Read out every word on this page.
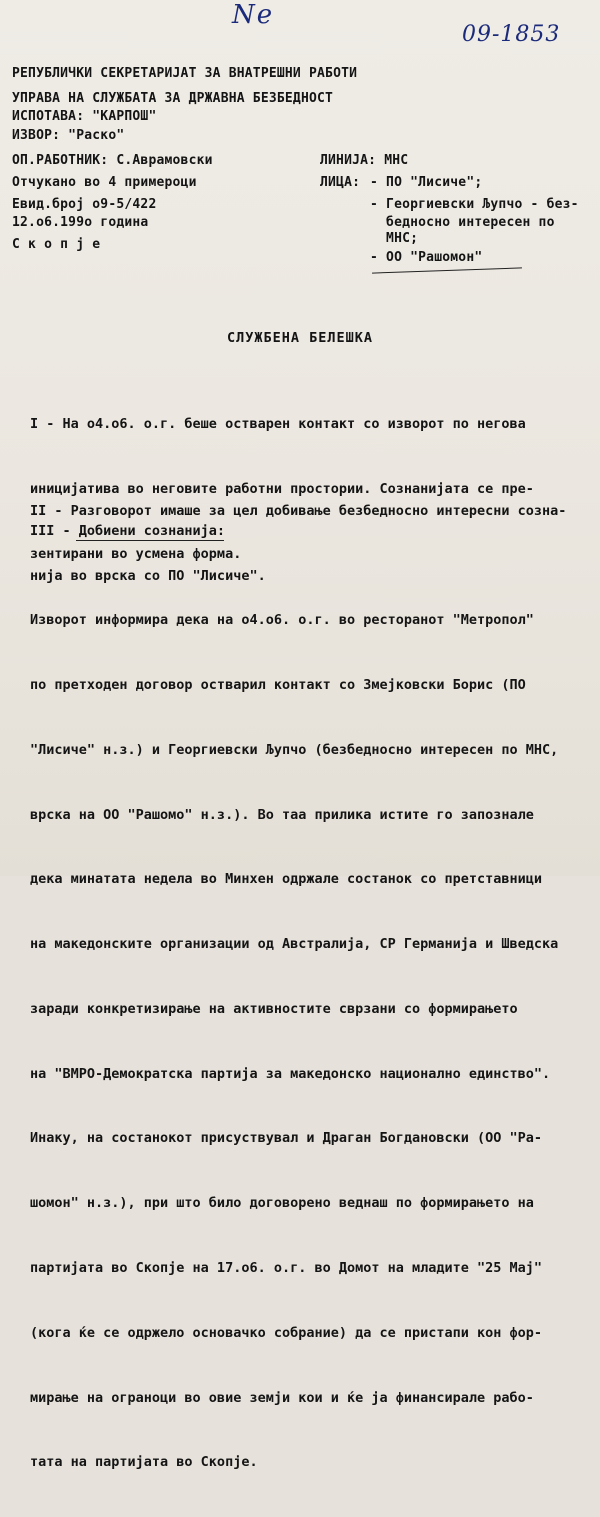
Ne
09-1853
РЕПУБЛИЧКИ СЕКРЕТАРИЈАТ ЗА ВНАТРЕШНИ РАБОТИ
УПРАВА НА СЛУЖБАТА ЗА ДРЖАВНА БЕЗБЕДНОСТ
ИСПОТАВА: "КАРПОШ"
ИЗВОР: "Раско"
ОП.РАБОТНИК: С.Аврамовски
Отчукано во 4 примероци
Евид.број о9-5/422
12.о6.199о година
С к о п ј е
ЛИНИЈА: МНС
ЛИЦА: - ПО "Лисиче";
- Георгиевски Љупчо - без-
бедносно интересен по
МНС;
- ОО "Рашомон"
СЛУЖБЕНА БЕЛЕШКА

I - На о4.о6. о.г. беше остварен контакт со изворот по негова

иницијатива во неговите работни простории. Сознанијата се пре-

зентирани во усмена форма.

II - Разговорот имаше за цел добивање безбедносно интересни созна-

нија во врска со ПО "Лисиче".

III - Добиени сознанија:

Изворот информира дека на о4.о6. о.г. во ресторанот "Метропол"

по претходен договор остварил контакт со Змејковски Борис (ПО

"Лисиче" н.з.) и Георгиевски Љупчо (безбедносно интересен по МНС,

врска на ОО "Рашомо" н.з.). Во таа прилика истите го запознале

дека минатата недела во Минхен одржале состанок со претставници

на македонските организации од Австралија, СР Германија и Шведска

заради конкретизирање на активностите сврзани со формирањето

на "ВМРО-Демократска партија за македонско национално единство".

Инаку, на состанокот присуствувал и Драган Богдановски (ОО "Ра-

шомон" н.з.), при што било договорено веднаш по формирањето на

партијата во Скопје на 17.о6. о.г. во Домот на младите "25 Мај"

(кога ќе се одржело основачко собрание) да се пристапи кон фор-

мирање на огранoци во овие земји кои и ќе ја финансирале рабо-

тата на партијата во Скопје.
